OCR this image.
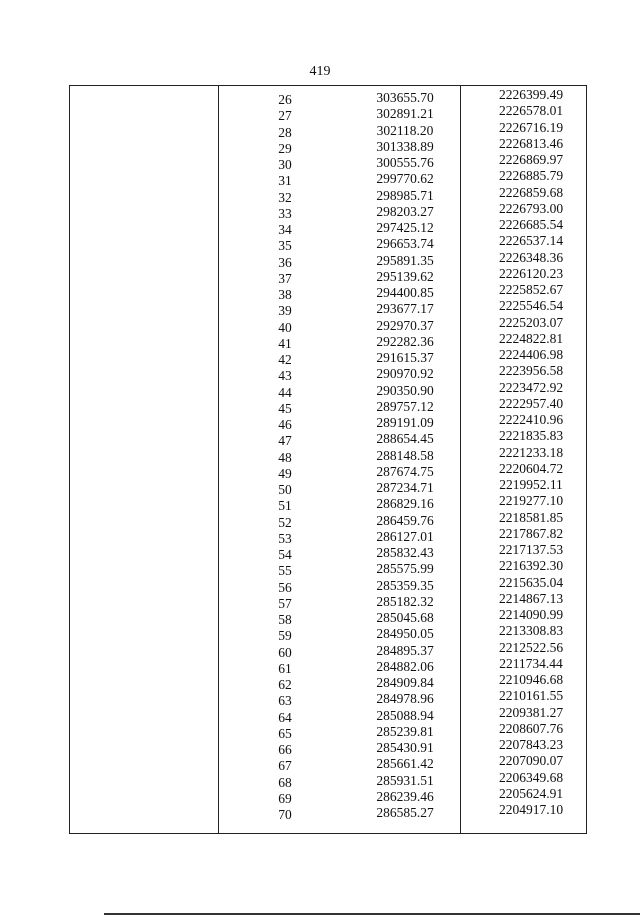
419
26	303655.70	2226399.49
27	302891.21	2226578.01
28	302118.20	2226716.19
29	301338.89	2226813.46
30	300555.76	2226869.97
31	299770.62	2226885.79
32	298985.71	2226859.68
33	298203.27	2226793.00
34	297425.12	2226685.54
35	296653.74	2226537.14
36	295891.35	2226348.36
37	295139.62	2226120.23
38	294400.85	2225852.67
39	293677.17	2225546.54
40	292970.37	2225203.07
41	292282.36	2224822.81
42	291615.37	2224406.98
43	290970.92	2223956.58
44	290350.90	2223472.92
45	289757.12	2222957.40
46	289191.09	2222410.96
47	288654.45	2221835.83
48	288148.58	2221233.18
49	287674.75	2220604.72
50	287234.71	2219952.11
51	286829.16	2219277.10
52	286459.76	2218581.85
53	286127.01	2217867.82
54	285832.43	2217137.53
55	285575.99	2216392.30
56	285359.35	2215635.04
57	285182.32	2214867.13
58	285045.68	2214090.99
59	284950.05	2213308.83
60	284895.37	2212522.56
61	284882.06	2211734.44
62	284909.84	2210946.68
63	284978.96	2210161.55
64	285088.94	2209381.27
65	285239.81	2208607.76
66	285430.91	2207843.23
67	285661.42	2207090.07
68	285931.51	2206349.68
69	286239.46	2205624.91
70	286585.27	2204917.10
